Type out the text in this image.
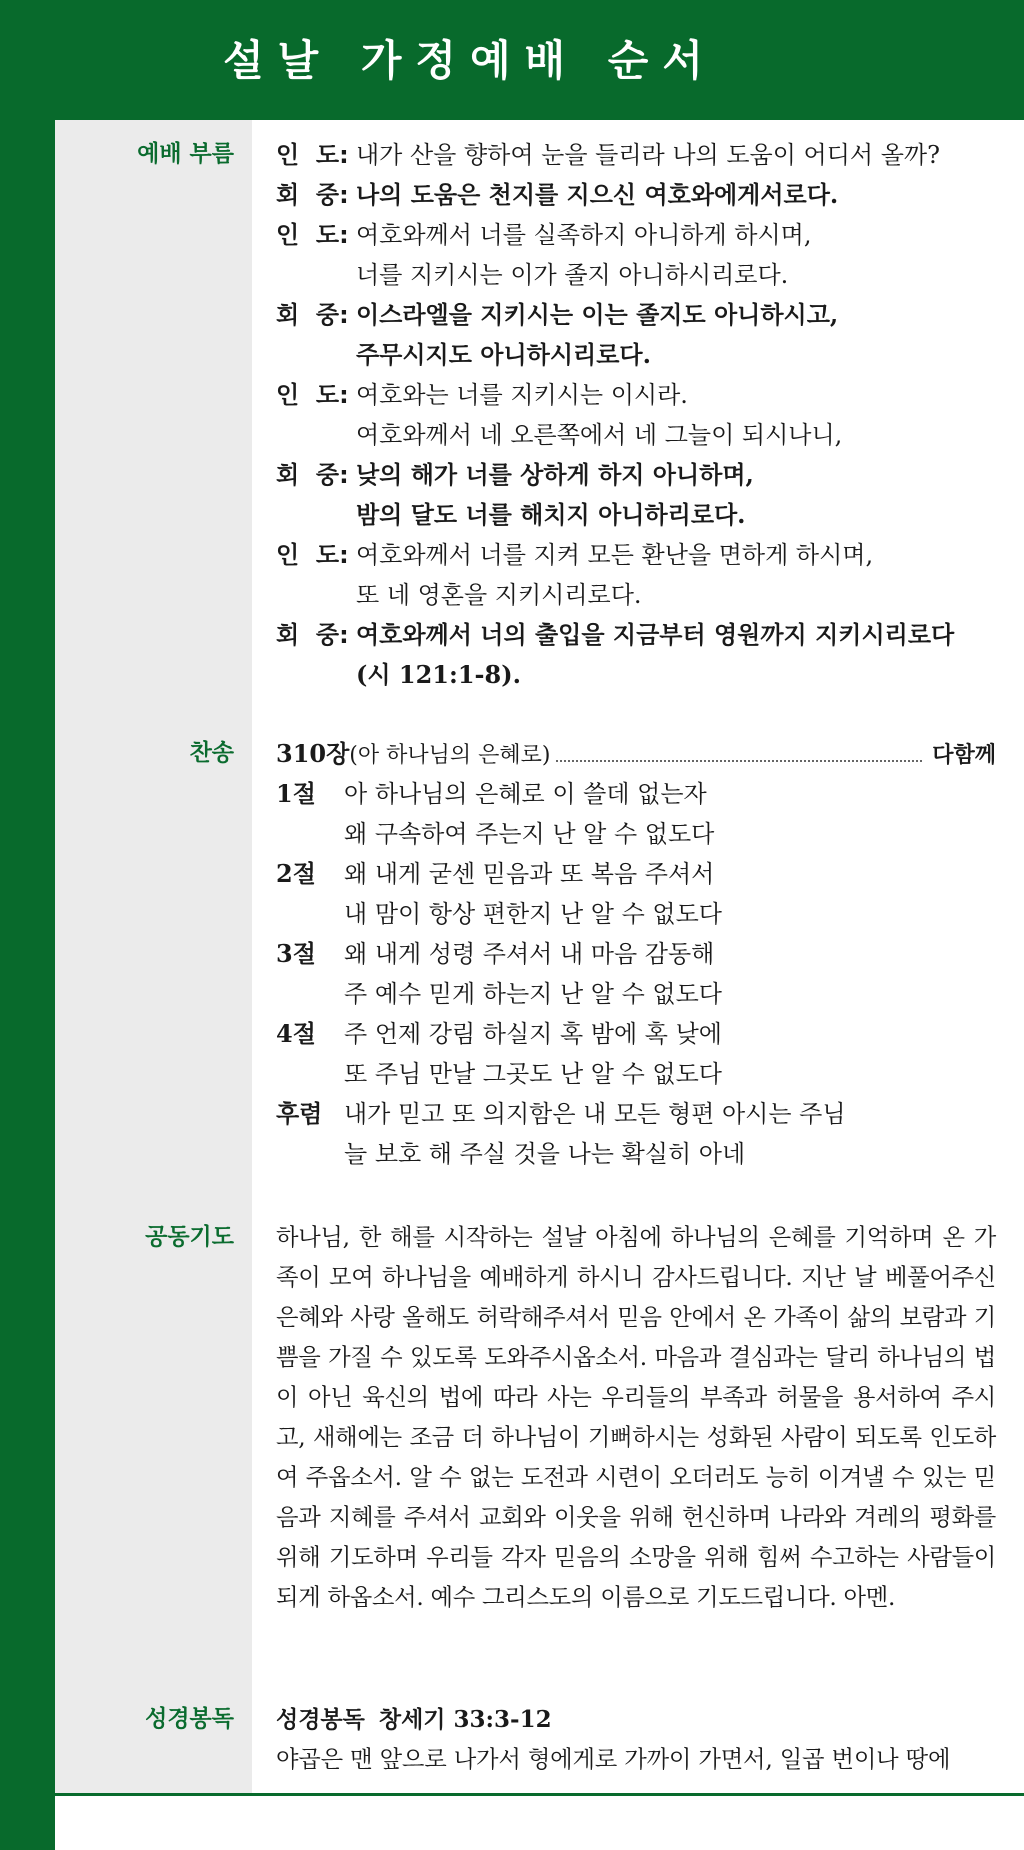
설날 가정예배 순서
예배 부름 인  도: 내가 산을 향하여 눈을 들리라 나의 도움이 어디서 올까?
회  중: 나의 도움은 천지를 지으신 여호와에게서로다.
인  도: 여호와께서 너를 실족하지 아니하게 하시며,
너를 지키시는 이가 졸지 아니하시리로다.
회  중: 이스라엘을 지키시는 이는 졸지도 아니하시고,
주무시지도 아니하시리로다.
인  도: 여호와는 너를 지키시는 이시라.
여호와께서 네 오른쪽에서 네 그늘이 되시나니,
회  중: 낮의 해가 너를 상하게 하지 아니하며,
밤의 달도 너를 해치지 아니하리로다.
인  도: 여호와께서 너를 지켜 모든 환난을 면하게 하시며,
또 네 영혼을 지키시리로다.
회  중: 여호와께서 너의 출입을 지금부터 영원까지 지키시리로다
(시 121:1-8).
찬송 310장 (아 하나님의 은혜로)	다함께
1절 아 하나님의 은혜로 이 쓸데 없는자
왜 구속하여 주는지 난 알 수 없도다
2절 왜 내게 굳센 믿음과 또 복음 주셔서
내 맘이 항상 편한지 난 알 수 없도다
3절 왜 내게 성령 주셔서 내 마음 감동해
주 예수 믿게 하는지 난 알 수 없도다
4절 주 언제 강림 하실지 혹 밤에 혹 낮에
또 주님 만날 그곳도 난 알 수 없도다
후렴 내가 믿고 또 의지함은 내 모든 형편 아시는 주님
늘 보호 해 주실 것을 나는 확실히 아네
공동기도 하나님, 한 해를 시작하는 설날 아침에 하나님의 은혜를 기억하며 온 가족이 모여 하나님을 예배하게 하시니 감사드립니다. 지난 날 베풀어주신 은혜와 사랑 올해도 허락해주셔서 믿음 안에서 온 가족이 삶의 보람과 기쁨을 가질 수 있도록 도와주시옵소서. 마음과 결심과는 달리 하나님의 법이 아닌 육신의 법에 따라 사는 우리들의 부족과 허물을 용서하여 주시고, 새해에는 조금 더 하나님이 기뻐하시는 성화된 사람이 되도록 인도하여 주옵소서. 알 수 없는 도전과 시련이 오더러도 능히 이겨낼 수 있는 믿음과 지혜를 주셔서 교회와 이웃을 위해 헌신하며 나라와 겨레의 평화를 위해 기도하며 우리들 각자 믿음의 소망을 위해 힘써 수고하는 사람들이 되게 하옵소서. 예수 그리스도의 이름으로 기도드립니다. 아멘.
성경봉독 성경봉독 창세기 33:3-12
야곱은 맨 앞으로 나가서 형에게로 가까이 가면서, 일곱 번이나 땅에
